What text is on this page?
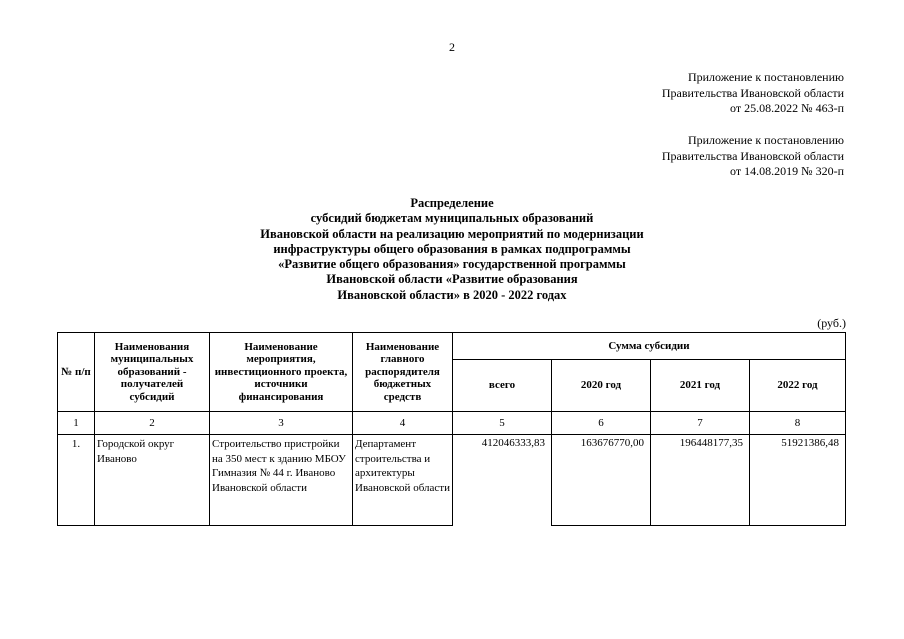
2
Приложение к постановлению
Правительства Ивановской области
от 25.08.2022 № 463-п
Приложение к постановлению
Правительства Ивановской области
от 14.08.2019 № 320-п
Распределение
субсидий бюджетам муниципальных образований
Ивановской области на реализацию мероприятий по модернизации
инфраструктуры общего образования в рамках подпрограммы
«Развитие общего образования» государственной программы
Ивановской области «Развитие образования
Ивановской области» в 2020 - 2022 годах
(руб.)
№ п/п	Наименования муниципальных образований - получателей субсидий	Наименование мероприятия, инвестиционного проекта, источники финансирования	Наименование главного распорядителя бюджетных средств	Сумма субсидии			
				всего	2020 год	2021 год	2022 год
1	2	3	4	5	6	7	8
1.	Городской округ Иваново	Строительство пристройки на 350 мест к зданию МБОУ Гимназия № 44 г. Иваново Ивановской области	Департамент строительства и архитектуры Ивановской области	412046333,83	163676770,00	196448177,35	51921386,48
